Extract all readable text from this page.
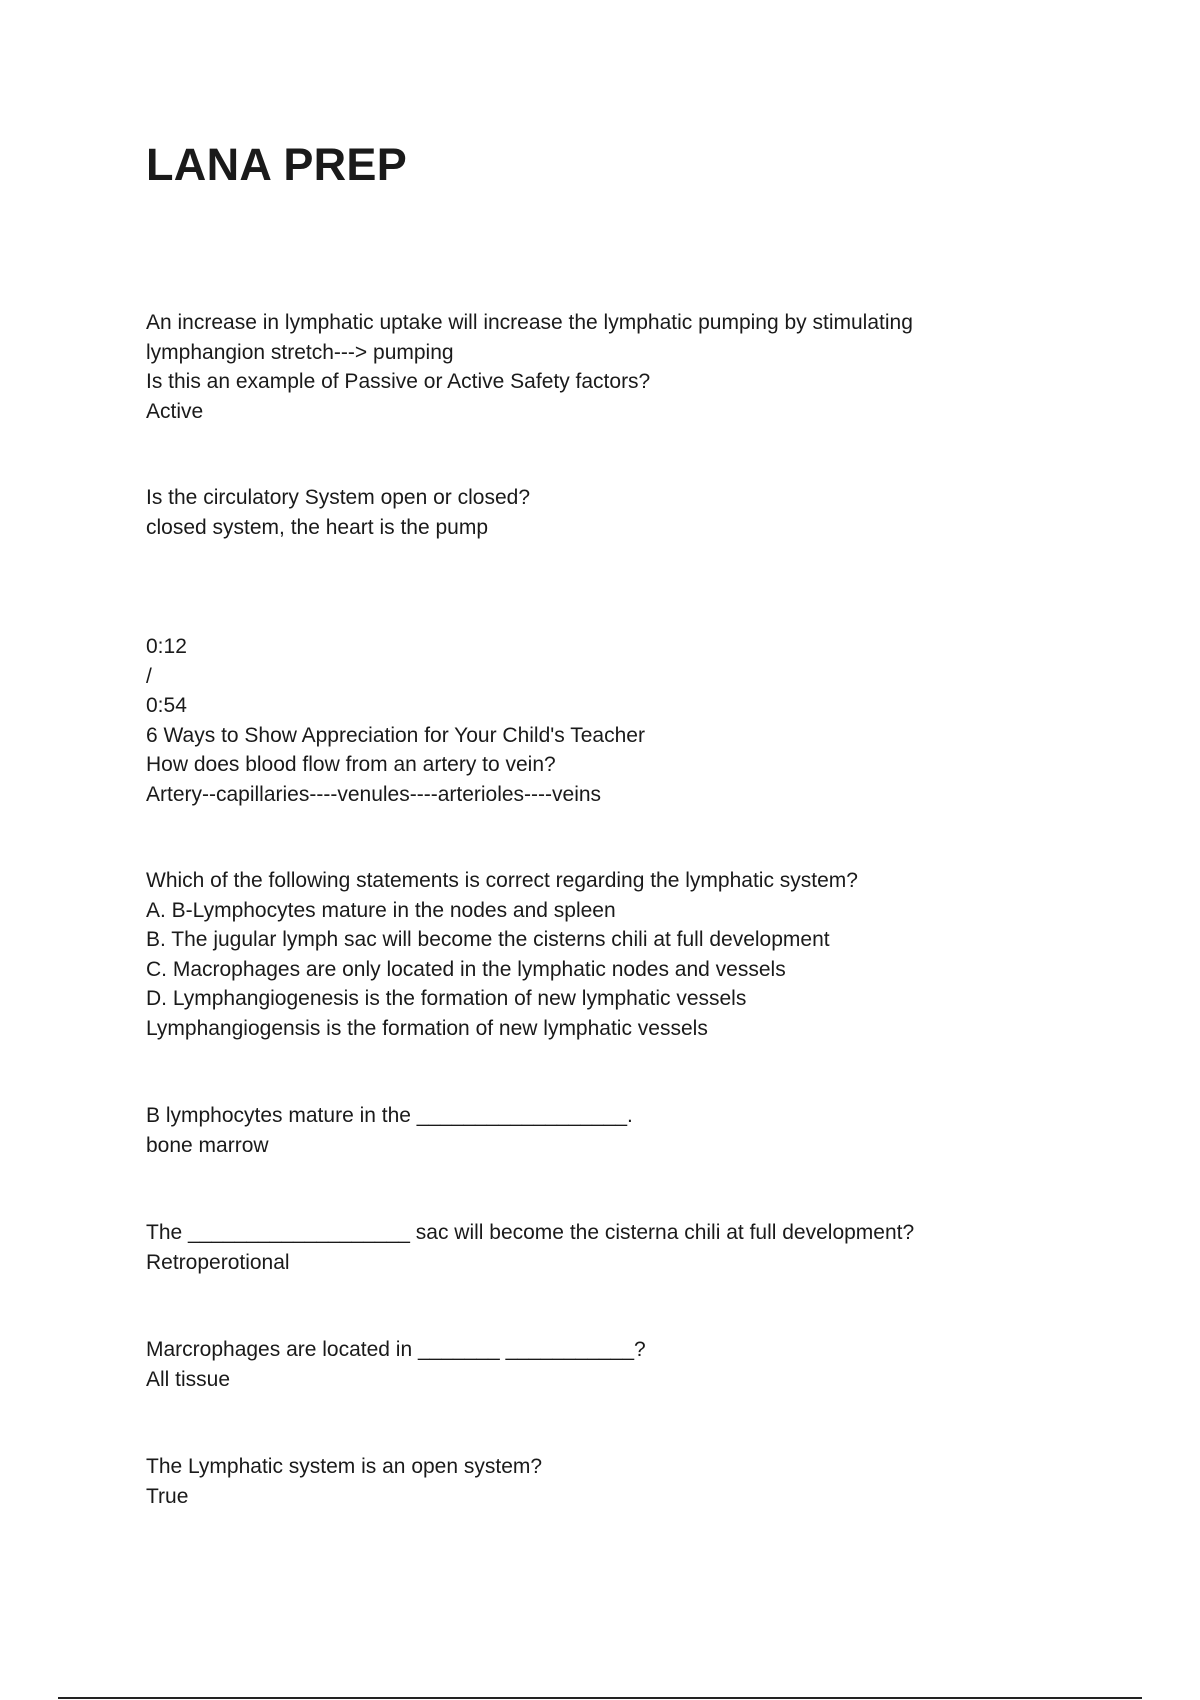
LANA PREP

An increase in lymphatic uptake will increase the lymphatic pumping by stimulating

lymphangion stretch---> pumping

Is this an example of Passive or Active Safety factors?

Active

Is the circulatory System open or closed?

closed system, the heart is the pump

0:12

/

0:54

6 Ways to Show Appreciation for Your Child's Teacher

How does blood flow from an artery to vein?

Artery--capillaries----venules----arterioles----veins

Which of the following statements is correct regarding the lymphatic system?

A. B-Lymphocytes mature in the nodes and spleen

B. The jugular lymph sac will become the cisterns chili at full development

C. Macrophages are only located in the lymphatic nodes and vessels

D. Lymphangiogenesis is the formation of new lymphatic vessels

Lymphangiogensis is the formation of new lymphatic vessels

B lymphocytes mature in the __________________.

bone marrow

The ___________________ sac will become the cisterna chili at full development?

Retroperotional

Marcrophages are located in _______ ___________?

All tissue

The Lymphatic system is an open system?

True
